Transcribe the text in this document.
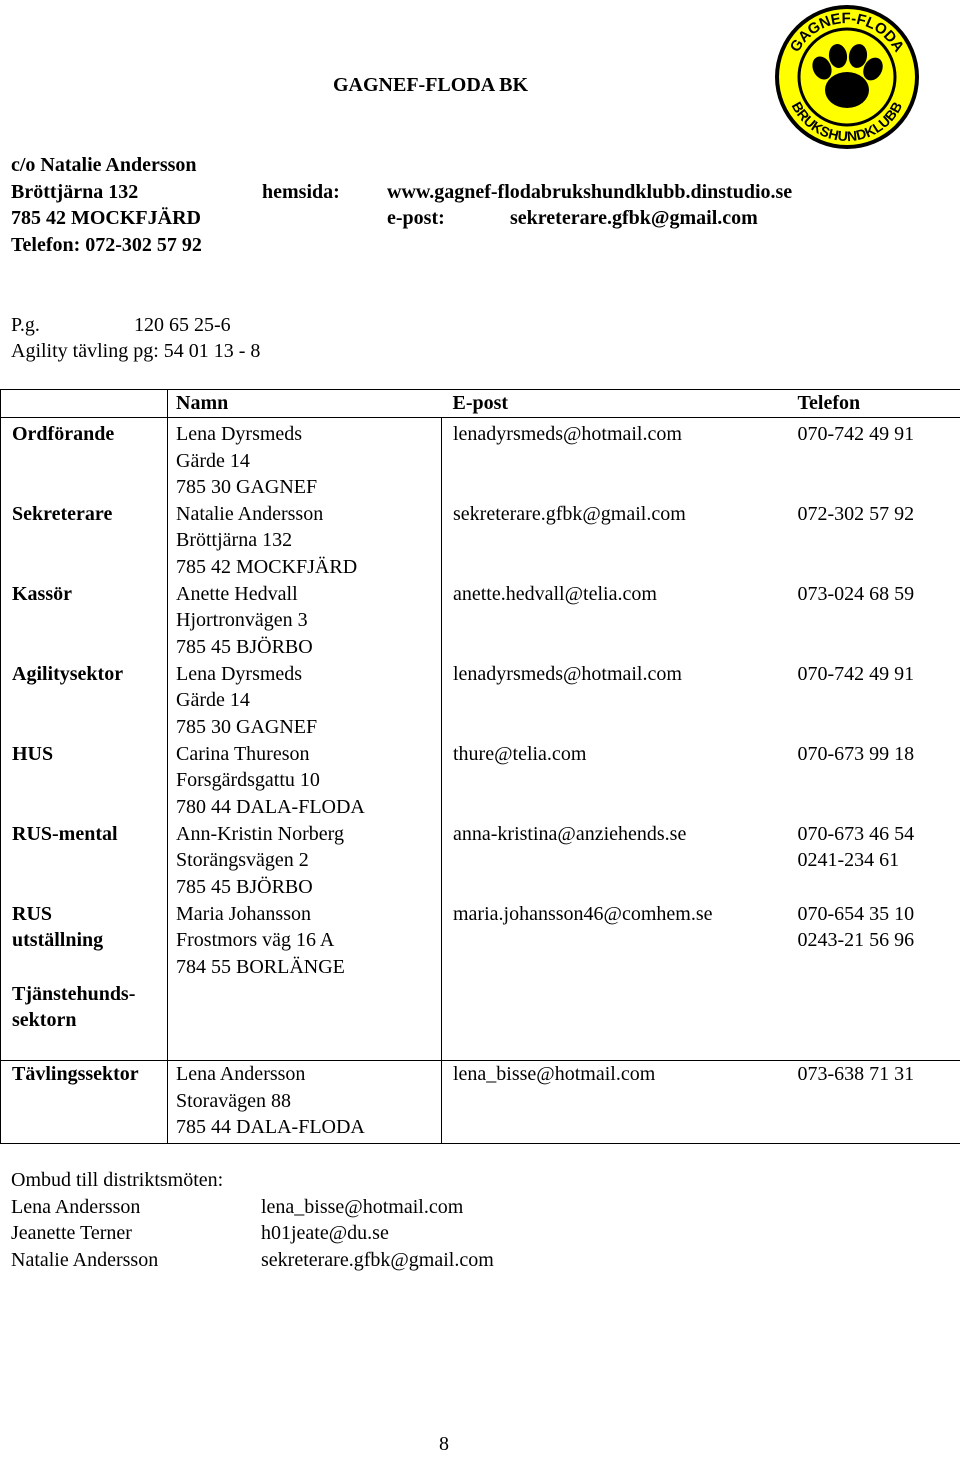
GAGNEF-FLODA BK
c/o Natalie Andersson
Bröttjärna 132
785 42 MOCKFJÄRD
Telefon: 072-302 57 92
hemsida: www.gagnef-flodabrukshundklubb.dinstudio.se
e-post:	sekreterare.gfbk@gmail.com
P.g.	120 65 25-6
Agility tävling pg: 54 01 13 - 8
GAGNEF-FLODA
BRUKSHUNDKLUBB
	Namn	E-post	Telefon

Ordförande	Lena Dyrsmeds
Gärde 14
785 30 GAGNEF	lenadyrsmeds@hotmail.com	070-742 49 91

Sekreterare	Natalie Andersson
Bröttjärna 132
785 42 MOCKFJÄRD	sekreterare.gfbk@gmail.com	072-302 57 92

Kassör	Anette Hedvall
Hjortronvägen 3
785 45 BJÖRBO	anette.hedvall@telia.com	073-024 68 59

Agilitysektor	Lena Dyrsmeds
Gärde 14
785 30 GAGNEF	lenadyrsmeds@hotmail.com	070-742 49 91

HUS	Carina Thureson
Forsgärdsgattu 10
780 44 DALA-FLODA	thure@telia.com	070-673 99 18

RUS-mental	Ann-Kristin Norberg
Storängsvägen 2
785 45 BJÖRBO	anna-kristina@anziehends.se	070-673 46 54
0241-234 61

RUS
utställning	Maria Johansson
Frostmors väg 16 A
784 55 BORLÄNGE	maria.johansson46@comhem.se	070-654 35 10
0243-21 56 96

Tjänstehunds-
sektorn			

Tävlingssektor	Lena Andersson
Storavägen 88
785 44 DALA-FLODA	lena_bisse@hotmail.com	073-638 71 31
Ombud till distriktsmöten:
Lena Andersson	lena_bisse@hotmail.com
Jeanette Terner	h01jeate@du.se
Natalie Andersson	sekreterare.gfbk@gmail.com
8
